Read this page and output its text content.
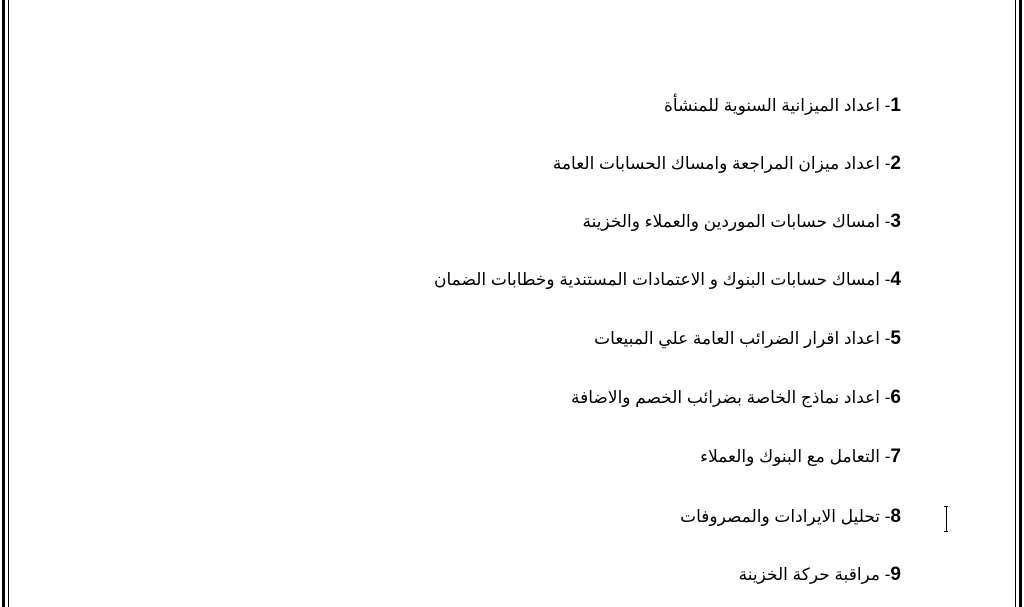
1- اعداد الميزانية السنوية للمنشأة
2- اعداد ميزان المراجعة وامساك الحسابات العامة
3- امساك حسابات الموردين والعملاء والخزينة
4- امساك حسابات البنوك و الاعتمادات المستندية وخطابات الضمان
5- اعداد اقرار الضرائب العامة علي المبيعات
6- اعداد نماذج الخاصة بضرائب الخصم والاضافة
7- التعامل مع البنوك والعملاء
8- تحليل الايرادات والمصروفات
9- مراقبة حركة الخزينة
